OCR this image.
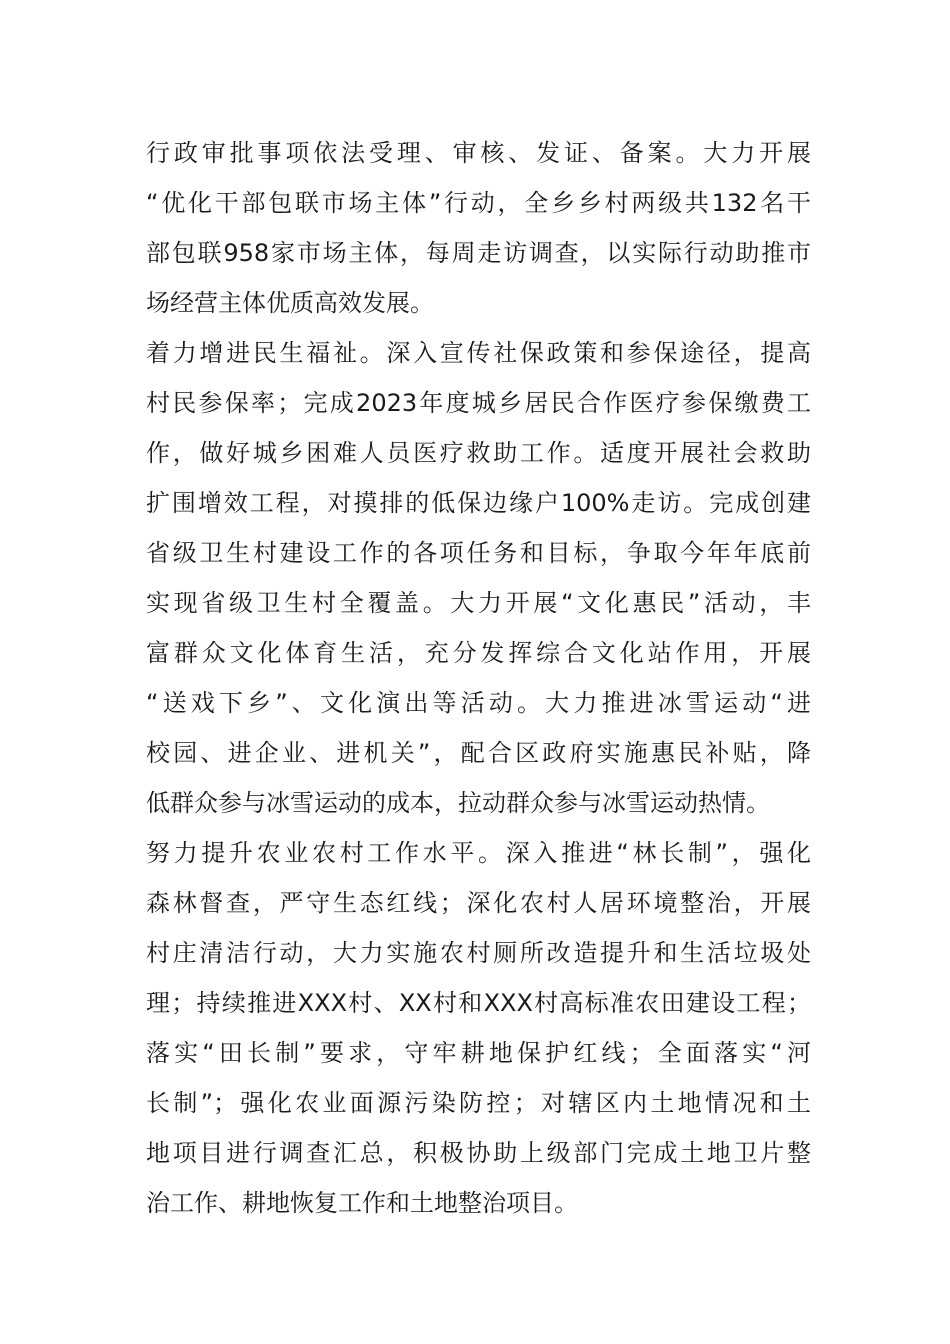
行政审批事项依法受理、审核、发证、备案。大力开展
“优化干部包联市场主体”行动，全乡乡村两级共132名干
部包联958家市场主体，每周走访调查，以实际行动助推市
场经营主体优质高效发展。
着力增进民生福祉。深入宣传社保政策和参保途径，提高
村民参保率；完成2023年度城乡居民合作医疗参保缴费工
作，做好城乡困难人员医疗救助工作。适度开展社会救助
扩围增效工程，对摸排的低保边缘户100%走访。完成创建
省级卫生村建设工作的各项任务和目标，争取今年年底前
实现省级卫生村全覆盖。大力开展“文化惠民”活动，丰
富群众文化体育生活，充分发挥综合文化站作用，开展
“送戏下乡”、文化演出等活动。大力推进冰雪运动“进
校园、进企业、进机关”，配合区政府实施惠民补贴，降
低群众参与冰雪运动的成本，拉动群众参与冰雪运动热情。
努力提升农业农村工作水平。深入推进“林长制”，强化
森林督查，严守生态红线；深化农村人居环境整治，开展
村庄清洁行动，大力实施农村厕所改造提升和生活垃圾处
理；持续推进XXX村、XX村和XXX村高标准农田建设工程；
落实“田长制”要求，守牢耕地保护红线；全面落实“河
长制”；强化农业面源污染防控；对辖区内土地情况和土
地项目进行调查汇总，积极协助上级部门完成土地卫片整
治工作、耕地恢复工作和土地整治项目。
